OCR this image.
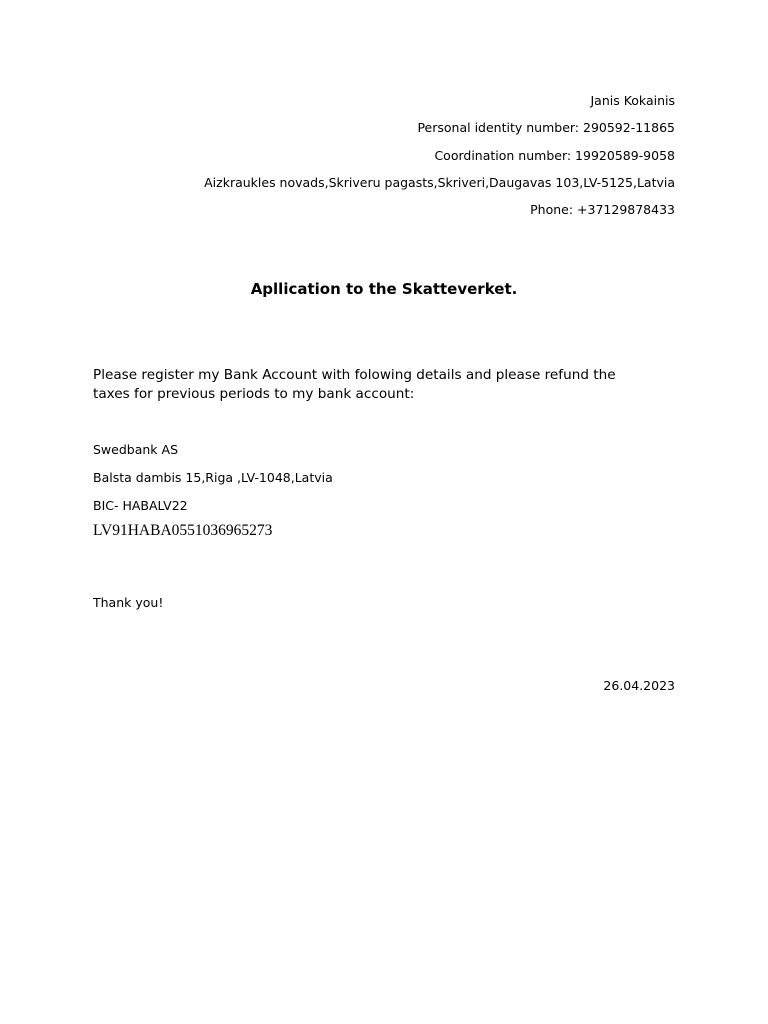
Janis Kokainis
Personal identity number: 290592-11865
Coordination number: 19920589-9058
Aizkraukles novads,Skriveru pagasts,Skriveri,Daugavas 103,LV-5125,Latvia
Phone: +37129878433
Apllication to the Skatteverket.
Please register my Bank Account with folowing details and please refund the taxes for previous periods to my bank account:
Swedbank AS
Balsta dambis 15,Riga ,LV-1048,Latvia
BIC- HABALV22
LV91HABA0551036965273
Thank you!
26.04.2023
